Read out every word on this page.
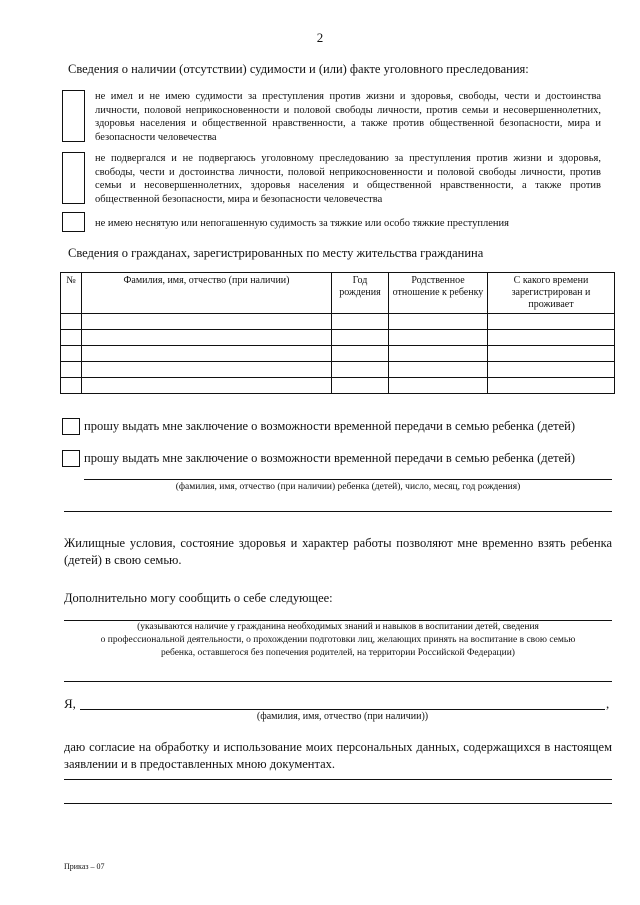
2
Сведения о наличии (отсутствии) судимости и (или) факте уголовного преследования:
не имел и не имею судимости за преступления против жизни и здоровья, свободы, чести и достоинства личности, половой неприкосновенности и половой свободы личности, против семьи и несовершеннолетних, здоровья населения и общественной нравственности, а также против общественной безопасности, мира и безопасности человечества
не подвергался и не подвергаюсь уголовному преследованию за преступления против жизни и здоровья, свободы, чести и достоинства личности, половой неприкосновенности и половой свободы личности, против семьи и несовершеннолетних, здоровья населения и общественной нравственности, а также против общественной безопасности, мира и безопасности человечества
не имею неснятую или непогашенную судимость за тяжкие или особо тяжкие преступления
Сведения о гражданах, зарегистрированных по месту жительства гражданина
№	Фамилия, имя, отчество (при наличии)	Год рождения	Родственное отношение к ребенку	С какого времени зарегистрирован и проживает

прошу выдать мне заключение о возможности временной передачи в семью ребенка (детей)
прошу выдать мне заключение о возможности временной передачи в семью ребенка (детей)
(фамилия, имя, отчество (при наличии) ребенка (детей), число, месяц, год рождения)
Жилищные условия, состояние здоровья и характер работы позволяют мне временно взять ребенка (детей) в свою семью.
Дополнительно могу сообщить о себе следующее:
(указываются наличие у гражданина необходимых знаний и навыков в воспитании детей, сведения
о профессиональной деятельности, о прохождении подготовки лиц, желающих принять на воспитание в свою семью
ребенка, оставшегося без попечения родителей, на территории Российской Федерации)
Я,	,
(фамилия, имя, отчество (при наличии))
даю согласие на обработку и использование моих персональных данных, содержащихся в настоящем заявлении и в предоставленных мною документах.
Приказ – 07
